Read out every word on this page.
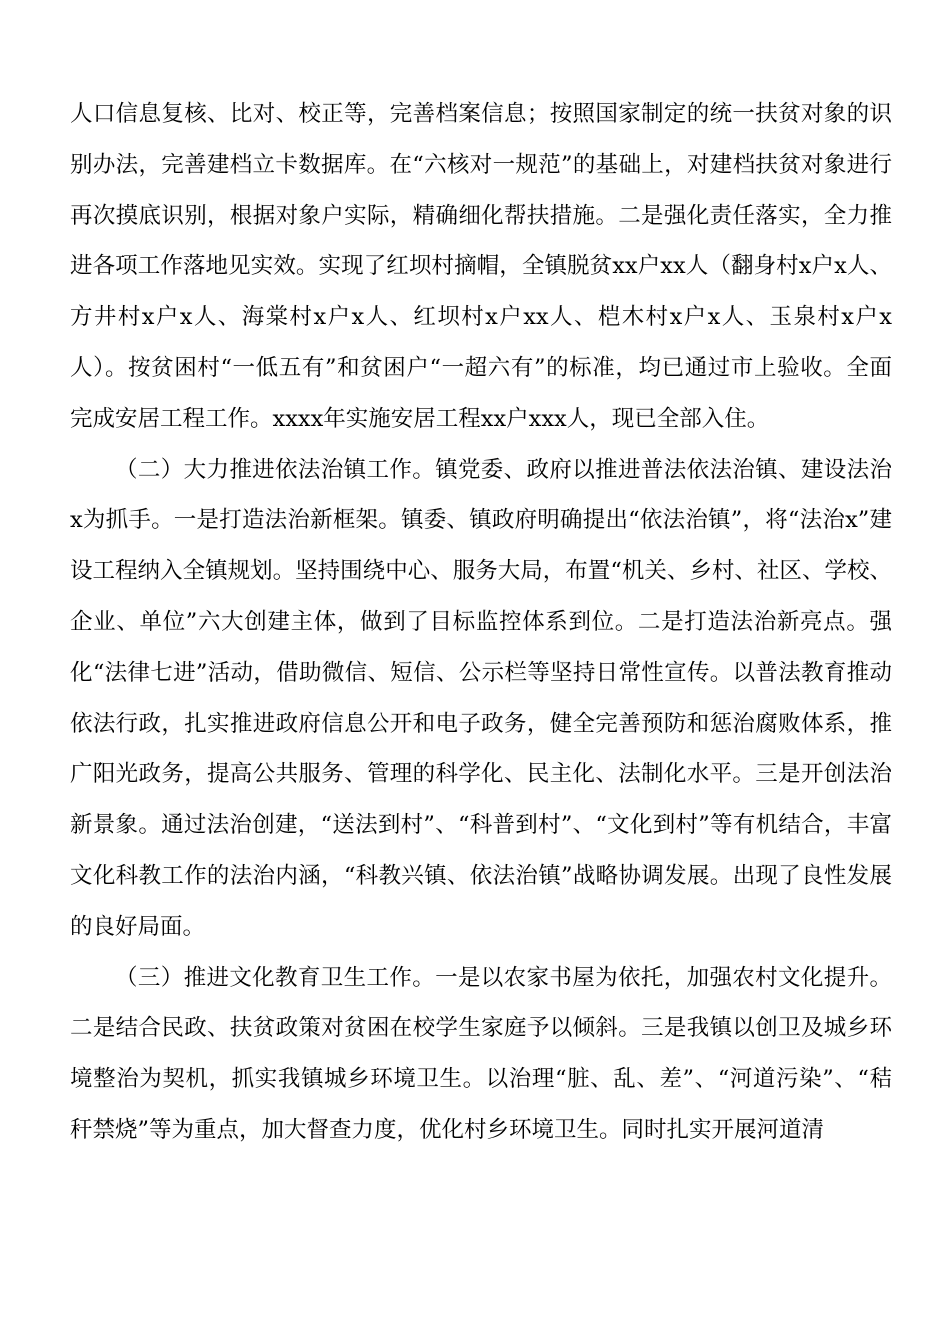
人口信息复核、比对、校正等，完善档案信息；按照国家制定的统一扶贫对象的识别办法，完善建档立卡数据库。在“六核对一规范”的基础上，对建档扶贫对象进行再次摸底识别，根据对象户实际，精确细化帮扶措施。二是强化责任落实，全力推进各项工作落地见实效。实现了红坝村摘帽，全镇脱贫xx户xx人（翻身村x户x人、方井村x户x人、海棠村x户x人、红坝村x户xx人、桤木村x户x人、玉泉村x户x人）。按贫困村“一低五有”和贫困户“一超六有”的标准，均已通过市上验收。全面完成安居工程工作。xxxx年实施安居工程xx户xxx人，现已全部入住。

（二）大力推进依法治镇工作。镇党委、政府以推进普法依法治镇、建设法治x为抓手。一是打造法治新框架。镇委、镇政府明确提出“依法治镇”，将“法治x”建设工程纳入全镇规划。坚持围绕中心、服务大局，布置“机关、乡村、社区、学校、企业、单位”六大创建主体，做到了目标监控体系到位。二是打造法治新亮点。强化“法律七进”活动，借助微信、短信、公示栏等坚持日常性宣传。以普法教育推动依法行政，扎实推进政府信息公开和电子政务，健全完善预防和惩治腐败体系，推广阳光政务，提高公共服务、管理的科学化、民主化、法制化水平。三是开创法治新景象。通过法治创建，“送法到村”、“科普到村”、“文化到村”等有机结合，丰富文化科教工作的法治内涵，“科教兴镇、依法治镇”战略协调发展。出现了良性发展的良好局面。

（三）推进文化教育卫生工作。一是以农家书屋为依托，加强农村文化提升。二是结合民政、扶贫政策对贫困在校学生家庭予以倾斜。三是我镇以创卫及城乡环境整治为契机，抓实我镇城乡环境卫生。以治理“脏、乱、差”、“河道污染”、“秸秆禁烧”等为重点，加大督查力度，优化村乡环境卫生。同时扎实开展河道清
